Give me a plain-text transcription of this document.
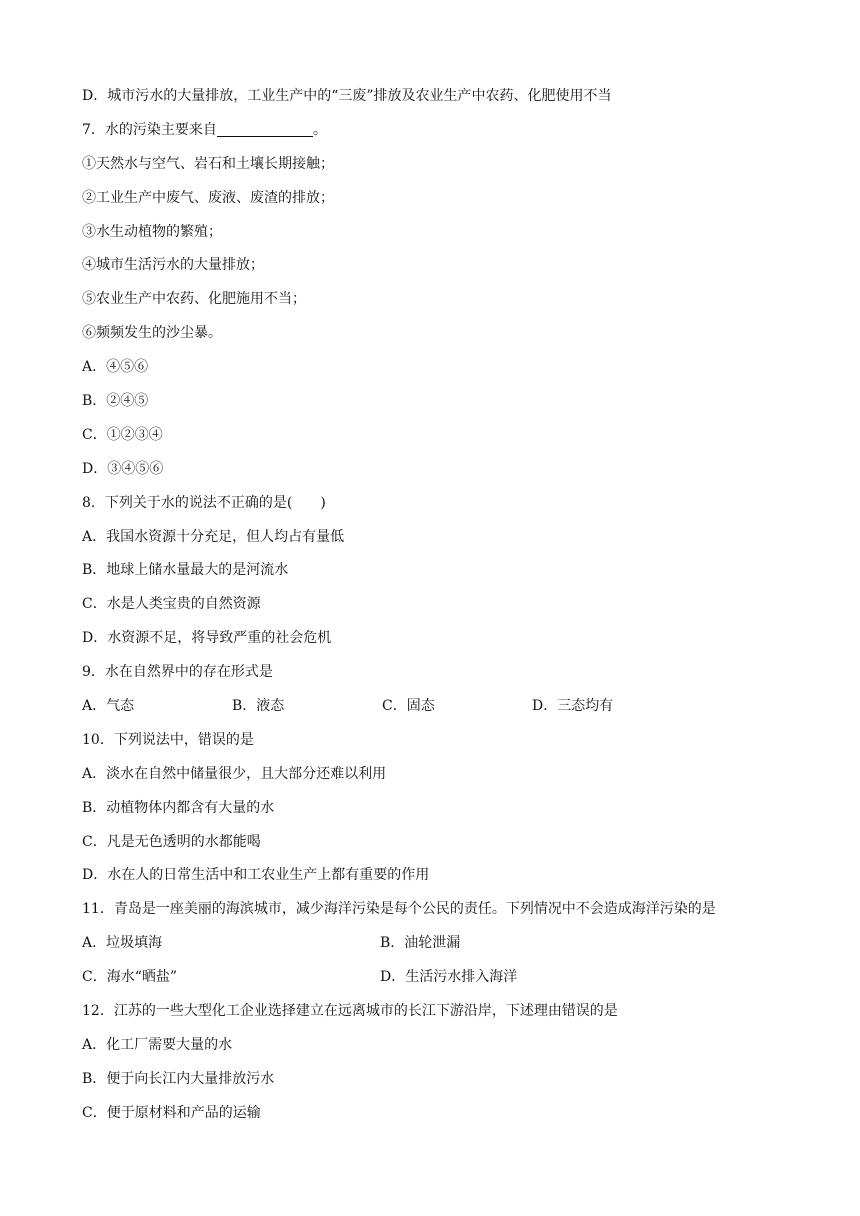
D．城市污水的大量排放，工业生产中的“三废”排放及农业生产中农药、化肥使用不当
7．水的污染主要来自	。
①天然水与空气、岩石和土壤长期接触；
②工业生产中废气、废液、废渣的排放；
③水生动植物的繁殖；
④城市生活污水的大量排放；
⑤农业生产中农药、化肥施用不当；
⑥频频发生的沙尘暴。
A．④⑤⑥
B．②④⑤
C．①②③④
D．③④⑤⑥
8．下列关于水的说法不正确的是(　　)
A．我国水资源十分充足，但人均占有量低
B．地球上储水量最大的是河流水
C．水是人类宝贵的自然资源
D．水资源不足，将导致严重的社会危机
9．水在自然界中的存在形式是
A．气态	B．液态	C．固态	D．三态均有
10．下列说法中，错误的是
A．淡水在自然中储量很少，且大部分还难以利用
B．动植物体内都含有大量的水
C．凡是无色透明的水都能喝
D．水在人的日常生活中和工农业生产上都有重要的作用
11．青岛是一座美丽的海滨城市，减少海洋污染是每个公民的责任。下列情况中不会造成海洋污染的是
A．垃圾填海	B．油轮泄漏
C．海水“晒盐”	D．生活污水排入海洋
12．江苏的一些大型化工企业选择建立在远离城市的长江下游沿岸，下述理由错误的是
A．化工厂需要大量的水
B．便于向长江内大量排放污水
C．便于原材料和产品的运输
